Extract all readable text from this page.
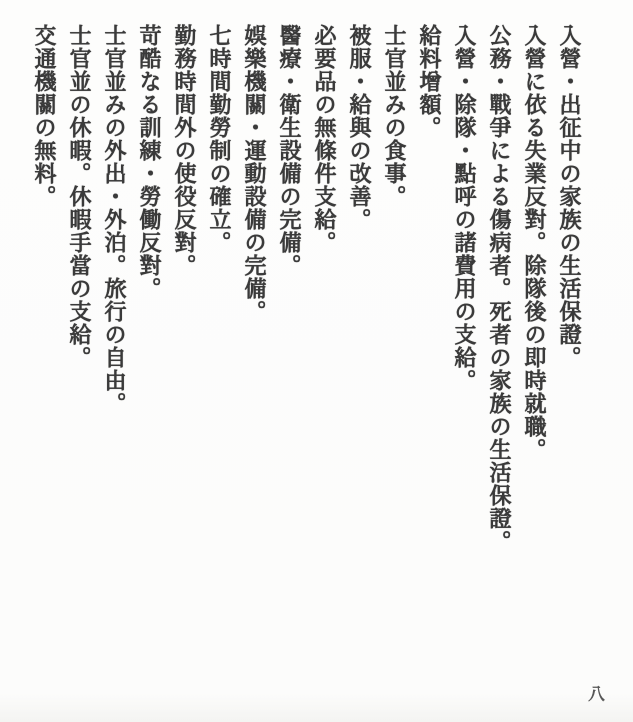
入營・出征中の家族の生活保證。
入營に依る失業反對。除隊後の即時就職。
公務・戰爭による傷病者。死者の家族の生活保證。
入營・除隊・點呼の諸費用の支給。
給料增額。
士官並みの食事。
被服・給與の改善。
必要品の無條件支給。
醫療・衛生設備の完備。
娛樂機關・運動設備の完備。
七時間勤勞制の確立。
勤務時間外の使役反對。
苛酷なる訓練・勞働反對。
士官並みの外出・外泊。旅行の自由。
士官並の休暇。休暇手當の支給。
交通機關の無料。
八
